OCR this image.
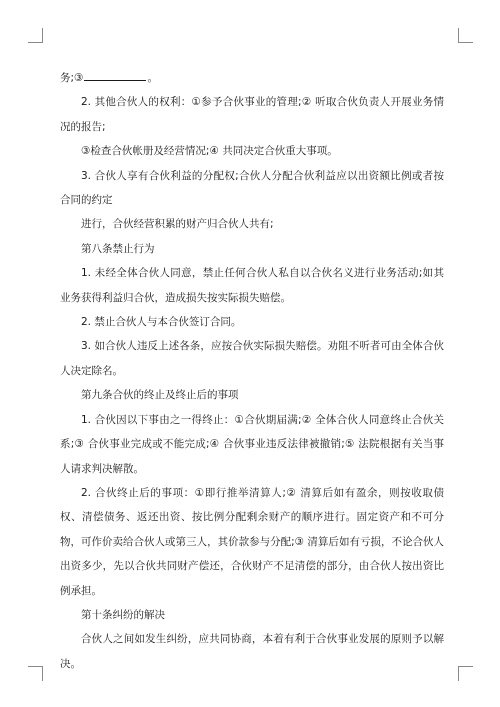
务;③	。

2. 其他合伙人的权利：①参予合伙事业的管理;② 听取合伙负责人开展业务情况的报告;

③检查合伙帐册及经营情况;④ 共同决定合伙重大事项。

3. 合伙人享有合伙利益的分配权;合伙人分配合伙利益应以出资额比例或者按合同的约定

进行，合伙经营积累的财产归合伙人共有;

第八条禁止行为

1. 未经全体合伙人同意，禁止任何合伙人私自以合伙名义进行业务活动;如其业务获得利益归合伙，造成损失按实际损失赔偿。

2. 禁止合伙人与本合伙签订合同。

3. 如合伙人违反上述各条，应按合伙实际损失赔偿。劝阻不听者可由全体合伙人决定除名。

第九条合伙的终止及终止后的事项

1. 合伙因以下事由之一得终止：①合伙期届满;② 全体合伙人同意终止合伙关系;③ 合伙事业完成或不能完成;④ 合伙事业违反法律被撤销;⑤ 法院根据有关当事人请求判决解散。

2. 合伙终止后的事项：①即行推举清算人;② 清算后如有盈余，则按收取债权、清偿债务、返还出资、按比例分配剩余财产的顺序进行。固定资产和不可分物，可作价卖给合伙人或第三人，其价款参与分配;③ 清算后如有亏损，不论合伙人出资多少，先以合伙共同财产偿还，合伙财产不足清偿的部分，由合伙人按出资比例承担。

第十条纠纷的解决

合伙人之间如发生纠纷，应共同协商，本着有利于合伙事业发展的原则予以解决。
